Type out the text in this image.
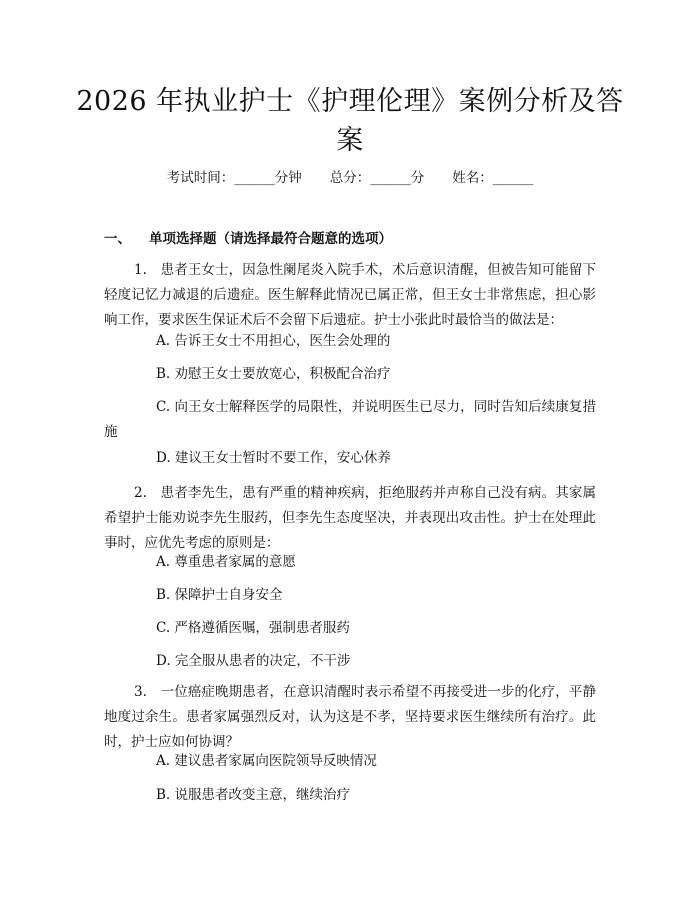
2026 年执业护士《护理伦理》案例分析及答案
考试时间：______分钟 总分：______分 姓名：______
一、 单项选择题（请选择最符合题意的选项）
1.　患者王女士，因急性阑尾炎入院手术，术后意识清醒，但被告知可能留下轻度记忆力减退的后遗症。医生解释此情况已属正常，但王女士非常焦虑，担心影响工作，要求医生保证术后不会留下后遗症。护士小张此时最恰当的做法是：
A. 告诉王女士不用担心，医生会处理的
B. 劝慰王女士要放宽心，积极配合治疗
C. 向王女士解释医学的局限性，并说明医生已尽力，同时告知后续康复措施
D. 建议王女士暂时不要工作，安心休养
2.　患者李先生，患有严重的精神疾病，拒绝服药并声称自己没有病。其家属希望护士能劝说李先生服药，但李先生态度坚决，并表现出攻击性。护士在处理此事时，应优先考虑的原则是：
A. 尊重患者家属的意愿
B. 保障护士自身安全
C. 严格遵循医嘱，强制患者服药
D. 完全服从患者的决定，不干涉
3.　一位癌症晚期患者，在意识清醒时表示希望不再接受进一步的化疗，平静地度过余生。患者家属强烈反对，认为这是不孝，坚持要求医生继续所有治疗。此时，护士应如何协调？
A. 建议患者家属向医院领导反映情况
B. 说服患者改变主意，继续治疗
